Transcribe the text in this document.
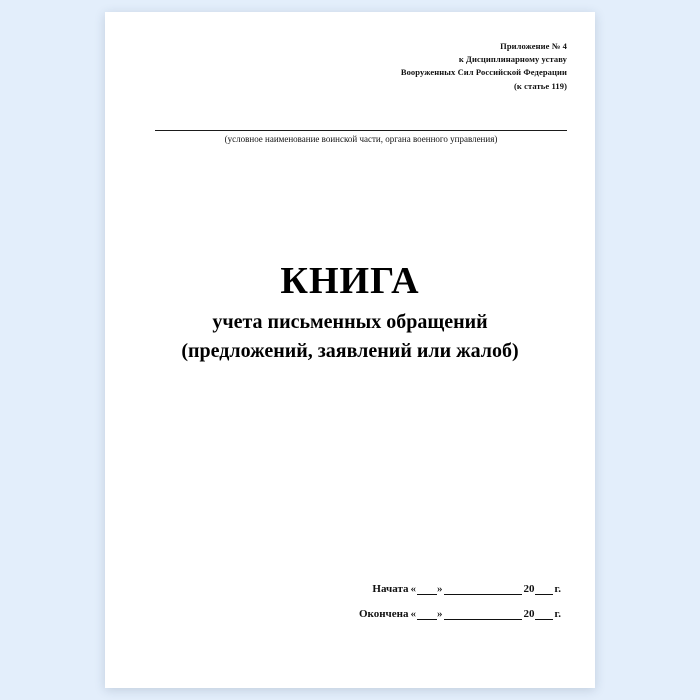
Приложение № 4
к Дисциплинарному уставу
Вооруженных Сил Российской Федерации
(к статье 119)
(условное наименование воинской части, органа военного управления)
КНИГА
учета письменных обращений
(предложений, заявлений или жалоб)
Начата « »	20 г.
Окончена « »	20 г.
